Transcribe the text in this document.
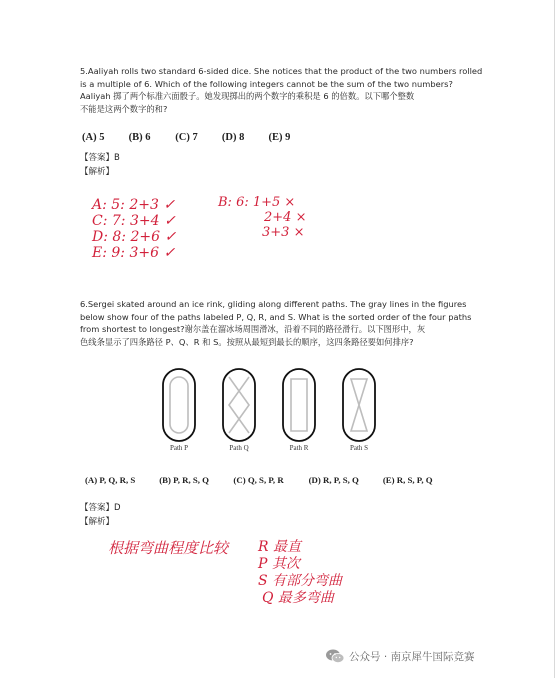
5.Aaliyah rolls two standard 6-sided dice. She notices that the product of the two numbers rolled
is a multiple of 6. Which of the following integers cannot be the sum of the two numbers?
Aaliyah 掷了两个标准六面骰子。她发现掷出的两个数字的乘积是 6 的倍数。以下哪个整数
不能是这两个数字的和?
(A) 5 (B) 6 (C) 7 (D) 8 (E) 9
【答案】B
【解析】
A: 5: 2+3 ✓
C: 7: 3+4 ✓
D: 8: 2+6 ✓
E: 9: 3+6 ✓
B: 6: 1+5 ×
2+4 ×
3+3 ×
6.Sergei skated around an ice rink, gliding along different paths. The gray lines in the figures
below show four of the paths labeled P, Q, R, and S. What is the sorted order of the four paths
from shortest to longest?谢尔盖在溜冰场周围滑冰，沿着不同的路径滑行。以下图形中，灰
色线条显示了四条路径 P、Q、R 和 S。按照从最短到最长的顺序，这四条路径要如何排序?
Path P	Path Q	Path R	Path S
(A) P, Q, R, S	(B) P, R, S, Q	(C) Q, S, P, R	(D) R, P, S, Q	(E) R, S, P, Q
【答案】D
【解析】
根据弯曲程度比较	R 最直
P 其次
S 有部分弯曲
Q 最多弯曲
公众号 · 南京犀牛国际竞赛
